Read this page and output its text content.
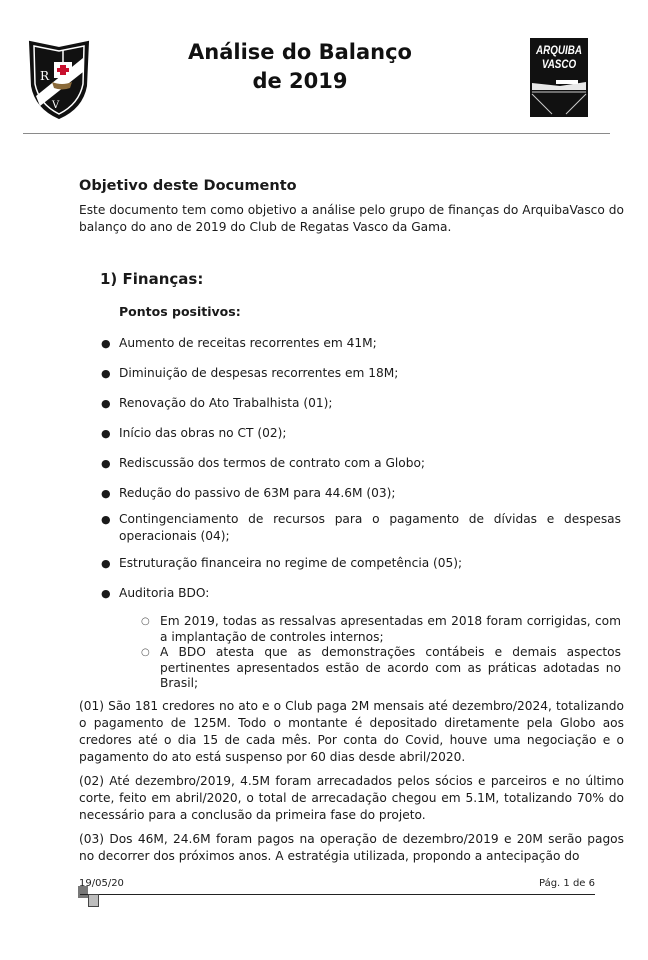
R
V
Análise do Balanço
de 2019
ARQUIBA
VASCO
Objetivo deste Documento
Este documento tem como objetivo a análise pelo grupo de finanças do ArquibaVasco do balanço do ano de 2019 do Club de Regatas Vasco da Gama.
1) Finanças:
Pontos positivos:
● Aumento de receitas recorrentes em 41M;
● Diminuição de despesas recorrentes em 18M;
● Renovação do Ato Trabalhista (01);
● Início das obras no CT (02);
● Rediscussão dos termos de contrato com a Globo;
● Redução do passivo de 63M para 44.6M (03);
● Contingenciamento de recursos para o pagamento de dívidas e despesas operacionais (04);
● Estruturação financeira no regime de competência (05);
● Auditoria BDO:
○ Em 2019, todas as ressalvas apresentadas em 2018 foram corrigidas, com a implantação de controles internos;
○ A BDO atesta que as demonstrações contábeis e demais aspectos pertinentes apresentados estão de acordo com as práticas adotadas no Brasil;
(01) São 181 credores no ato e o Club paga 2M mensais até dezembro/2024, totalizando o pagamento de 125M. Todo o montante é depositado diretamente pela Globo aos credores até o dia 15 de cada mês. Por conta do Covid, houve uma negociação e o pagamento do ato está suspenso por 60 dias desde abril/2020.
(02) Até dezembro/2019, 4.5M foram arrecadados pelos sócios e parceiros e no último corte, feito em abril/2020, o total de arrecadação chegou em 5.1M, totalizando 70% do necessário para a conclusão da primeira fase do projeto.
(03) Dos 46M, 24.6M foram pagos na operação de dezembro/2019 e 20M serão pagos no decorrer dos próximos anos. A estratégia utilizada, propondo a antecipação do
19/05/20	Pág. 1 de 6
